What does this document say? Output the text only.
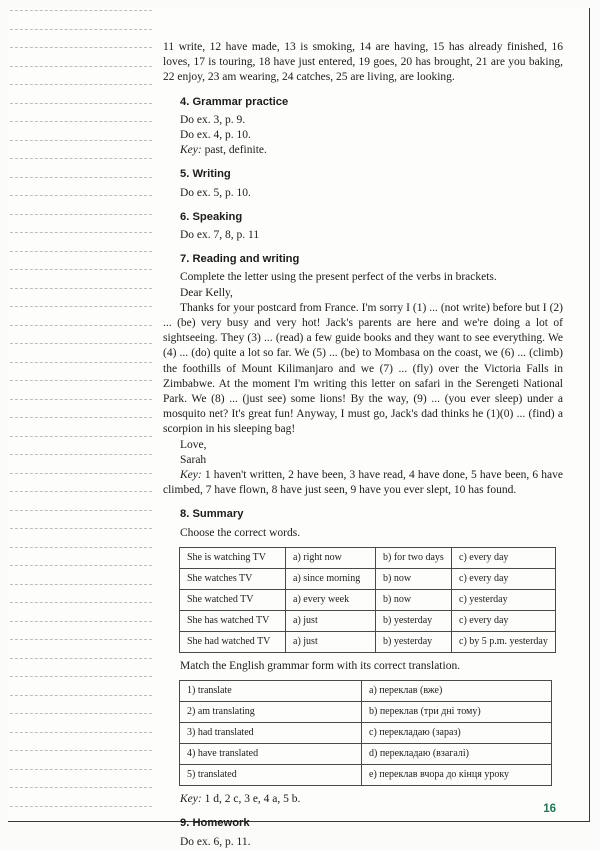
11 write, 12 have made, 13 is smoking, 14 are having, 15 has already finished, 16 loves, 17 is touring, 18 have just entered, 19 goes, 20 has brought, 21 are you baking, 22 enjoy, 23 am wearing, 24 catches, 25 are living, are looking.

4. Grammar practice

Do ex. 3, p. 9.

Do ex. 4, p. 10.

Key: past, definite.

5. Writing

Do ex. 5, p. 10.

6. Speaking

Do ex. 7, 8, p. 11

7. Reading and writing

Complete the letter using the present perfect of the verbs in brackets.

Dear Kelly,

Thanks for your postcard from France. I'm sorry I (1) ... (not write) before but I (2) ... (be) very busy and very hot! Jack's parents are here and we're doing a lot of sightseeing. They (3) ... (read) a few guide books and they want to see everything. We (4) ... (do) quite a lot so far. We (5) ... (be) to Mombasa on the coast, we (6) ... (climb) the foothills of Mount Kilimanjaro and we (7) ... (fly) over the Victoria Falls in Zimbabwe. At the moment I'm writing this letter on safari in the Serengeti National Park. We (8) ... (just see) some lions! By the way, (9) ... (you ever sleep) under a mosquito net? It's great fun! Anyway, I must go, Jack's dad thinks he (1)(0) ... (find) a scorpion in his sleeping bag!

Love,

Sarah

Key: 1 haven't written, 2 have been, 3 have read, 4 have done, 5 have been, 6 have climbed, 7 have flown, 8 have just seen, 9 have you ever slept, 10 has found.

8. Summary

Choose the correct words.

She is watching TV	a) right now	b) for two days	c) every day
She watches TV	a) since morning	b) now	c) every day
She watched TV	a) every week	b) now	c) yesterday
She has watched TV	a) just	b) yesterday	c) every day
She had watched TV	a) just	b) yesterday	c) by 5 p.m. yesterday

Match the English grammar form with its correct translation.

1) translate	a) переклав (вже)
2) am translating	b) переклав (три дні тому)
3) had translated	c) перекладаю (зараз)
4) have translated	d) перекладаю (взагалі)
5) translated	e) переклав вчора до кінця уроку

Key: 1 d, 2 c, 3 e, 4 a, 5 b.

9. Homework

Do ex. 6, p. 11.

16
